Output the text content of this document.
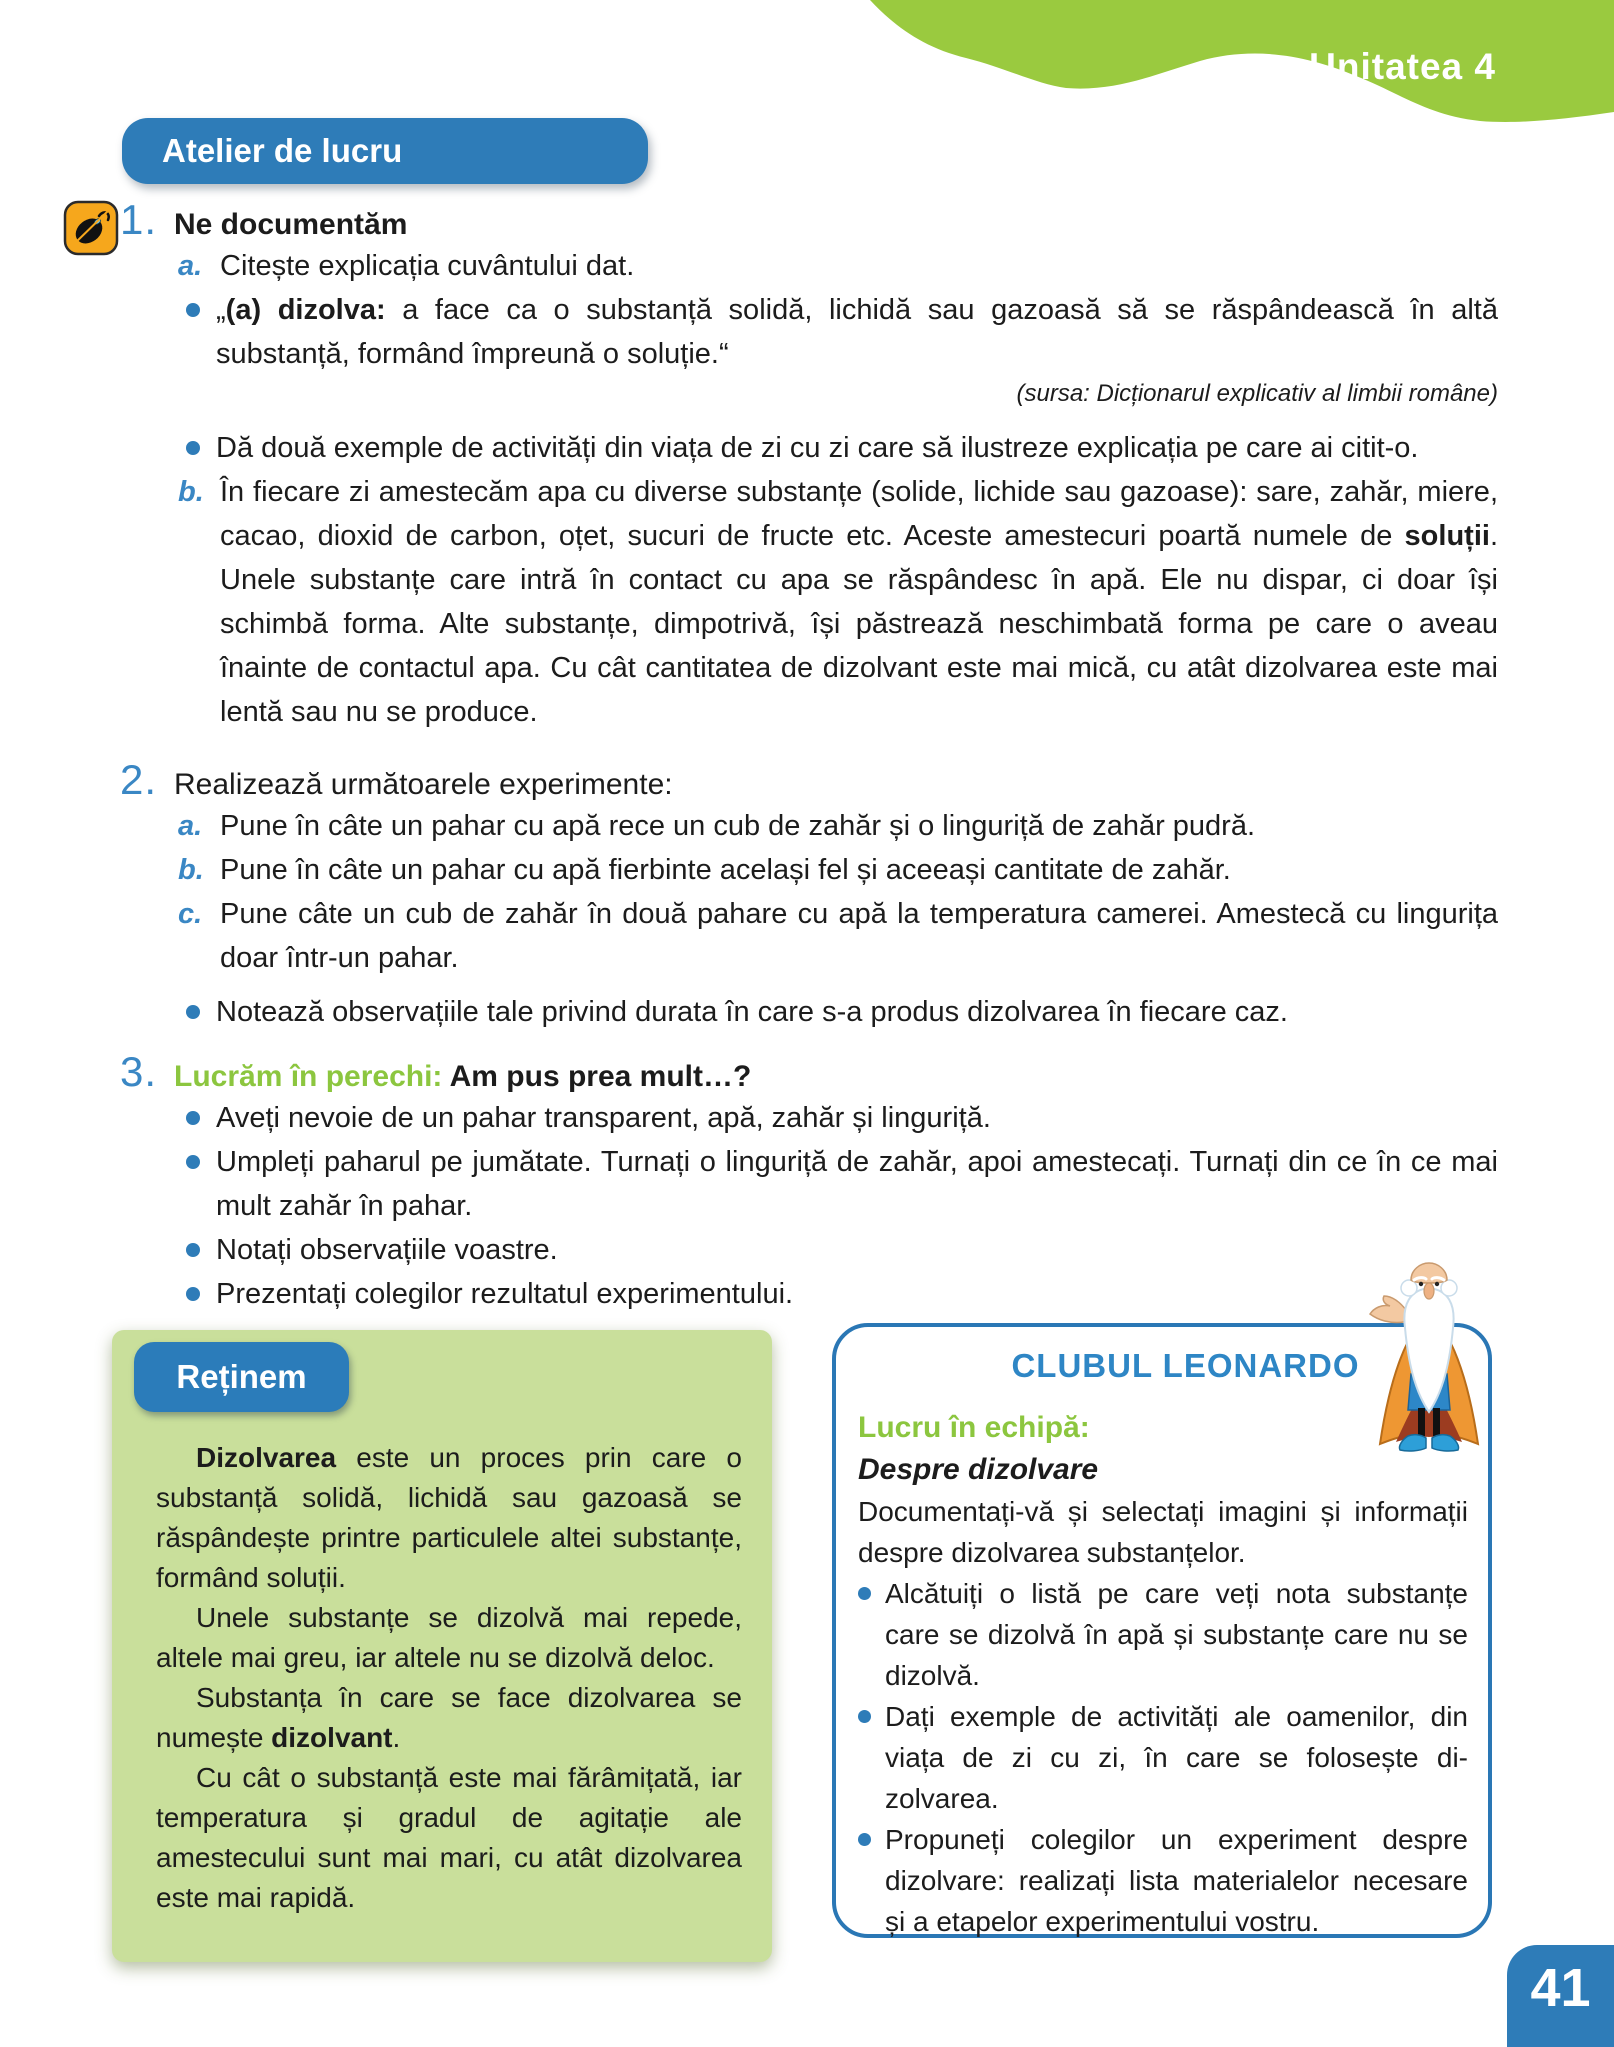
Unitatea 4
Atelier de lucru
1. Ne documentăm
a. Citește explicația cuvântului dat.
„(a) dizolva: a face ca o substanță solidă, lichidă sau gazoasă să se răspândească în altă substanță, formând împreună o soluție.“
(sursa: Dicționarul explicativ al limbii române)
Dă două exemple de activități din viața de zi cu zi care să ilustreze explicația pe care ai citit-o.
b. În fiecare zi amestecăm apa cu diverse substanțe (solide, lichide sau gazoase): sare, zahăr, miere, cacao, dioxid de carbon, oțet, sucuri de fructe etc. Aceste amestecuri poartă numele de soluții. Unele substanțe care intră în contact cu apa se răspândesc în apă. Ele nu dispar, ci doar își schimbă forma. Alte substanțe, dimpotrivă, își păstrează neschimbată forma pe care o aveau înainte de contactul apa. Cu cât cantitatea de dizolvant este mai mică, cu atât dizolvarea este mai lentă sau nu se produce.
2. Realizează următoarele experimente:
a. Pune în câte un pahar cu apă rece un cub de zahăr și o linguriță de zahăr pudră.
b. Pune în câte un pahar cu apă fierbinte același fel și aceeași cantitate de zahăr.
c. Pune câte un cub de zahăr în două pahare cu apă la temperatura camerei. Amestecă cu lingurița doar într-un pahar.
Notează observațiile tale privind durata în care s-a produs dizolvarea în fiecare caz.
3. Lucrăm în perechi: Am pus prea mult…?
Aveți nevoie de un pahar transparent, apă, zahăr și linguriță.
Umpleți paharul pe jumătate. Turnați o linguriță de zahăr, apoi amestecați. Turnați din ce în ce mai mult zahăr în pahar.
Notați observațiile voastre.
Prezentați colegilor rezultatul experimentului.
Reținem

Dizolvarea este un proces prin care o substanță solidă, lichidă sau gazoasă se răspândește printre particulele altei substanțe, formând soluții.

Unele substanțe se dizolvă mai repede, altele mai greu, iar altele nu se dizolvă deloc.

Substanța în care se face dizolvarea se numește dizolvant.

Cu cât o substanță este mai fărâmițată, iar temperatura și gradul de agitație ale amestecului sunt mai mari, cu atât dizolvarea este mai rapidă.

CLUBUL LEONARDO
Lucru în echipă:
Despre dizolvare

Documentați-vă și selectați imagini și informații despre dizolvarea substanțelor.

Alcătuiți o listă pe care veți nota substanțe care se dizolvă în apă și substanțe care nu se dizolvă.
Dați exemple de activități ale oamenilor, din viața de zi cu zi, în care se folosește dizolvarea.
Propuneți colegilor un experiment despre dizolvare: realizați lista materialelor necesare și a etapelor experimentului vostru.
41
